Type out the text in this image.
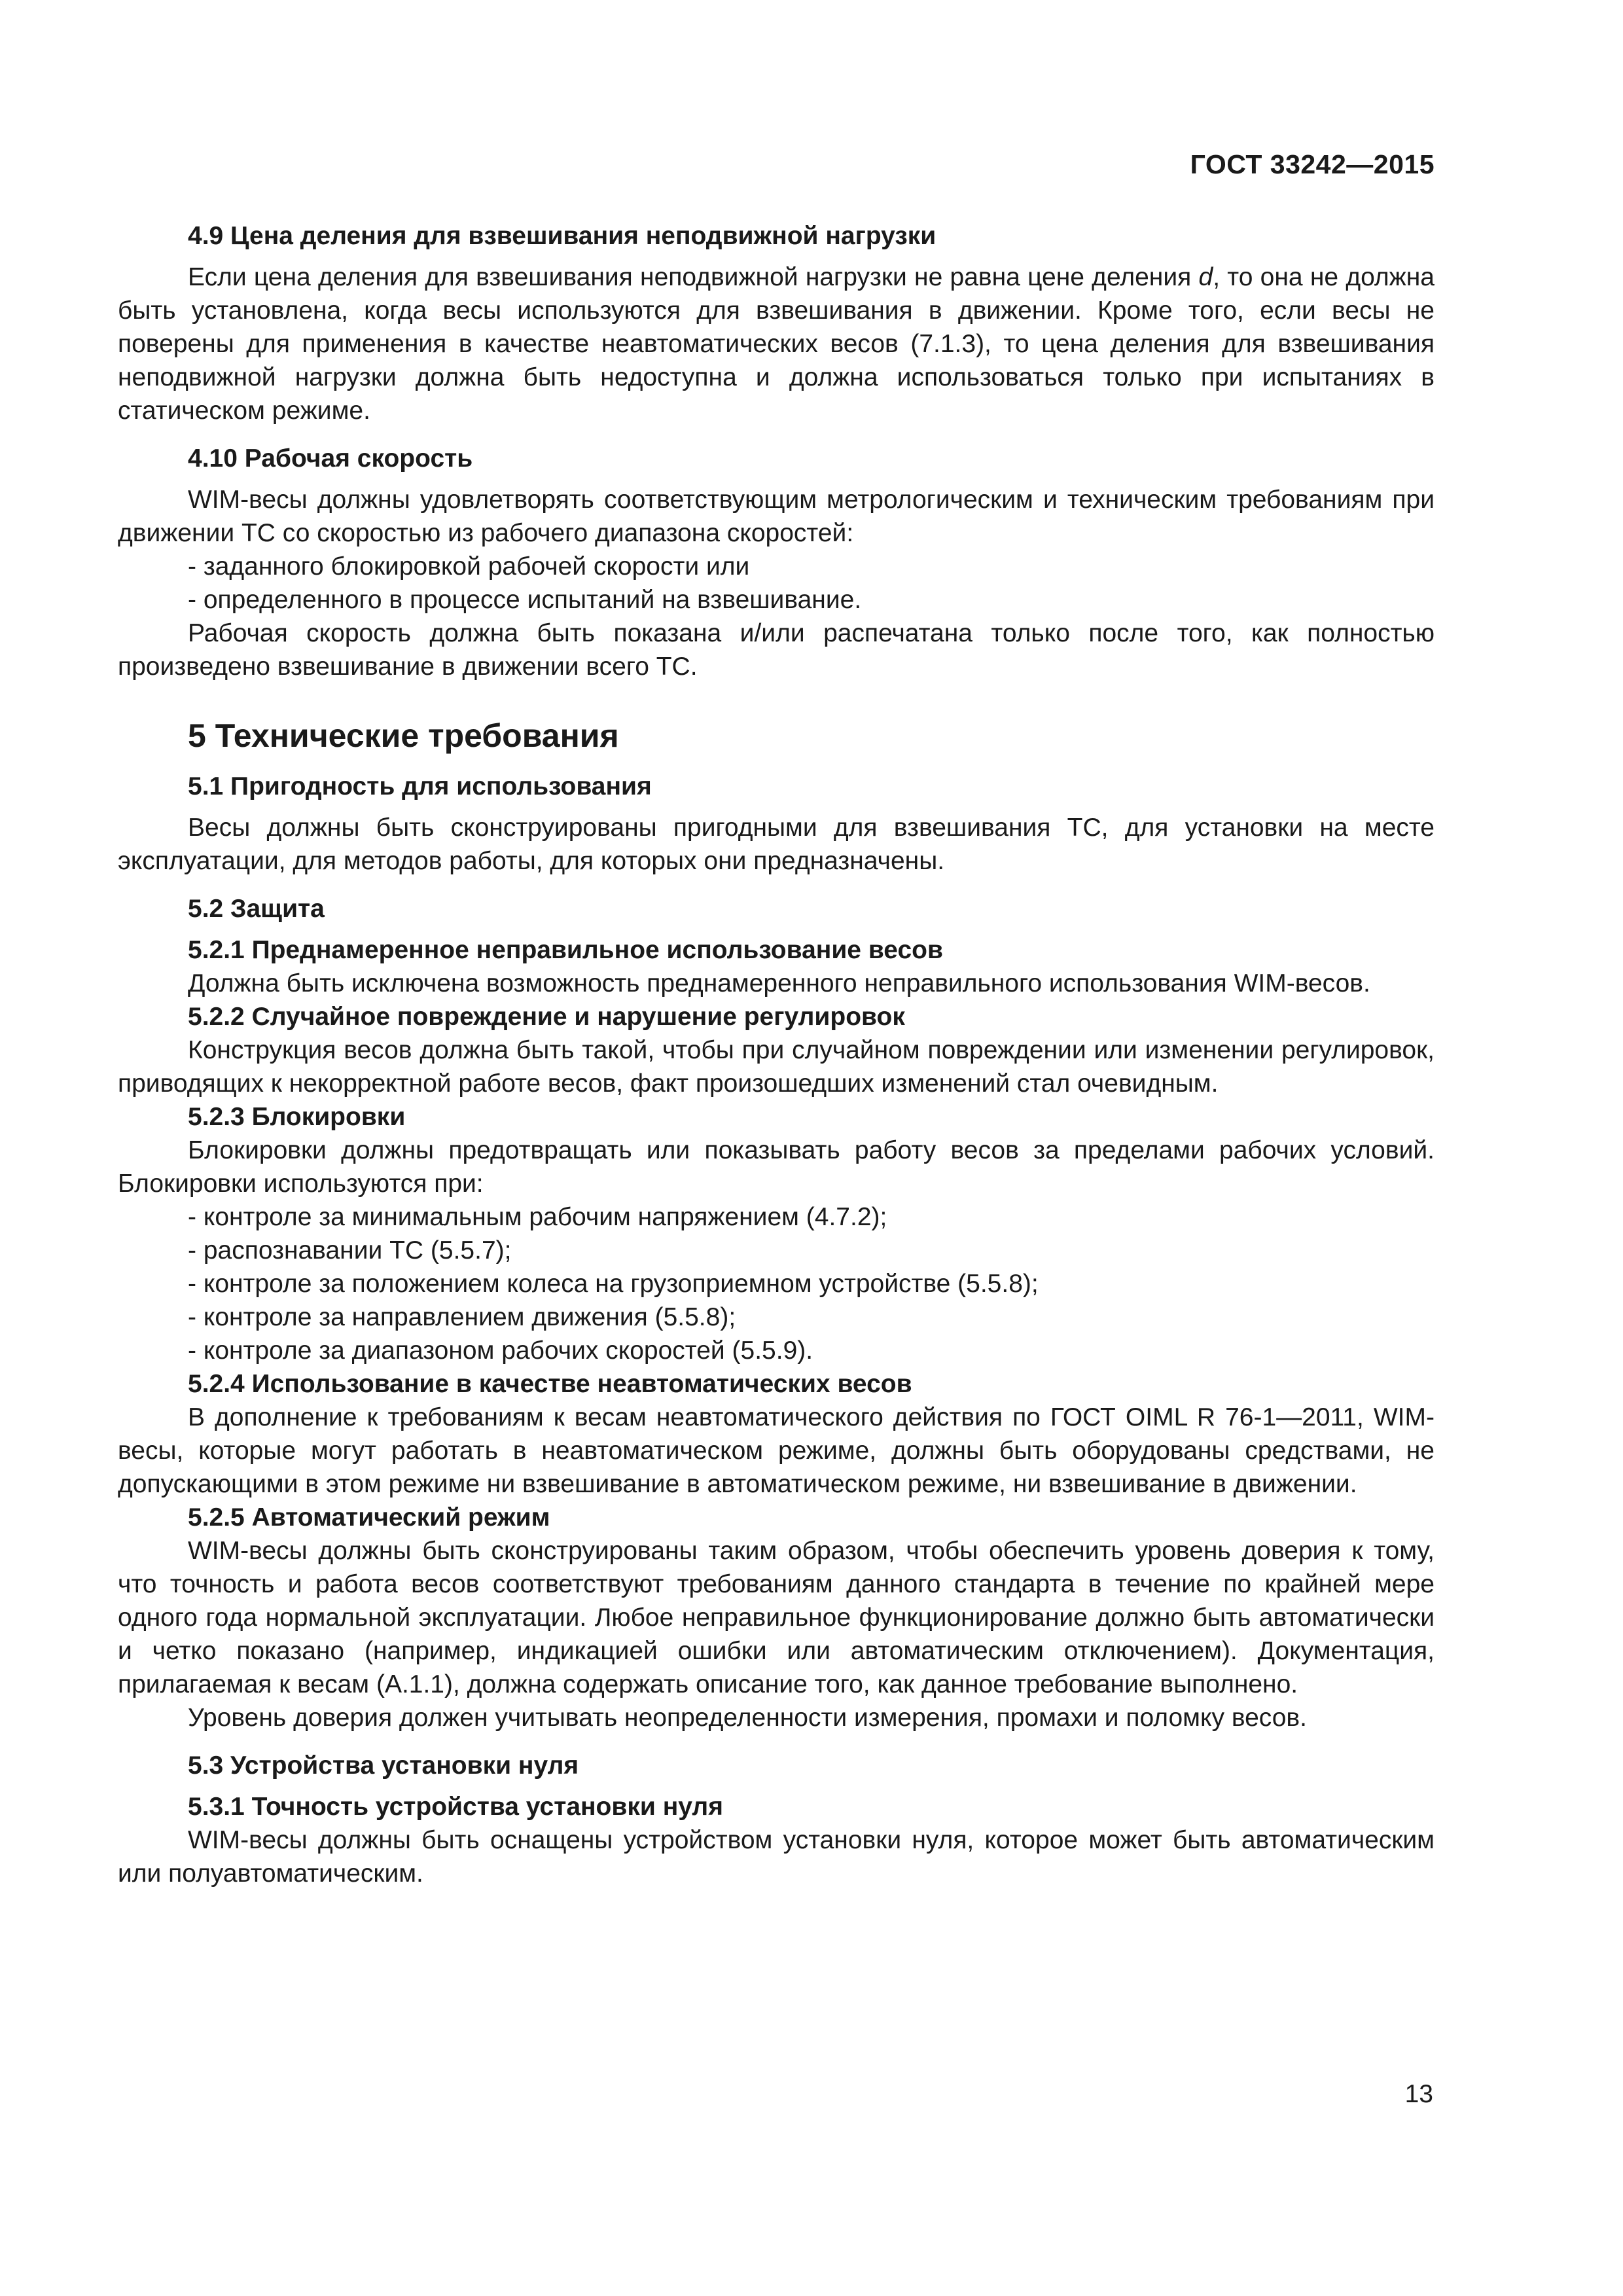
ГОСТ 33242—2015

4.9 Цена деления для взвешивания неподвижной нагрузки

Если цена деления для взвешивания неподвижной нагрузки не равна цене деления d, то она не должна быть установлена, когда весы используются для взвешивания в движении. Кроме того, если весы не поверены для применения в качестве неавтоматических весов (7.1.3), то цена деления для взвешивания неподвижной нагрузки должна быть недоступна и должна использоваться только при испытаниях в статическом режиме.

4.10 Рабочая скорость

WIM-весы должны удовлетворять соответствующим метрологическим и техническим требованиям при движении ТС со скоростью из рабочего диапазона скоростей:

- заданного блокировкой рабочей скорости или

- определенного в процессе испытаний на взвешивание.

Рабочая скорость должна быть показана и/или распечатана только после того, как полностью произведено взвешивание в движении всего ТС.

5 Технические требования

5.1 Пригодность для использования

Весы должны быть сконструированы пригодными для взвешивания ТС, для установки на месте эксплуатации, для методов работы, для которых они предназначены.

5.2 Защита

5.2.1 Преднамеренное неправильное использование весов

Должна быть исключена возможность преднамеренного неправильного использования WIM-весов.

5.2.2 Случайное повреждение и нарушение регулировок

Конструкция весов должна быть такой, чтобы при случайном повреждении или изменении регулировок, приводящих к некорректной работе весов, факт произошедших изменений стал очевидным.

5.2.3 Блокировки

Блокировки должны предотвращать или показывать работу весов за пределами рабочих условий. Блокировки используются при:

- контроле за минимальным рабочим напряжением (4.7.2);

- распознавании ТС (5.5.7);

- контроле за положением колеса на грузоприемном устройстве (5.5.8);

- контроле за направлением движения (5.5.8);

- контроле за диапазоном рабочих скоростей (5.5.9).

5.2.4 Использование в качестве неавтоматических весов

В дополнение к требованиям к весам неавтоматического действия по ГОСТ OIML R 76-1—2011, WIM-весы, которые могут работать в неавтоматическом режиме, должны быть оборудованы средствами, не допускающими в этом режиме ни взвешивание в автоматическом режиме, ни взвешивание в движении.

5.2.5 Автоматический режим

WIM-весы должны быть сконструированы таким образом, чтобы обеспечить уровень доверия к тому, что точность и работа весов соответствуют требованиям данного стандарта в течение по крайней мере одного года нормальной эксплуатации. Любое неправильное функционирование должно быть автоматически и четко показано (например, индикацией ошибки или автоматическим отключением). Документация, прилагаемая к весам (А.1.1), должна содержать описание того, как данное требование выполнено.

Уровень доверия должен учитывать неопределенности измерения, промахи и поломку весов.

5.3 Устройства установки нуля

5.3.1 Точность устройства установки нуля

WIM-весы должны быть оснащены устройством установки нуля, которое может быть автоматическим или полуавтоматическим.

13
